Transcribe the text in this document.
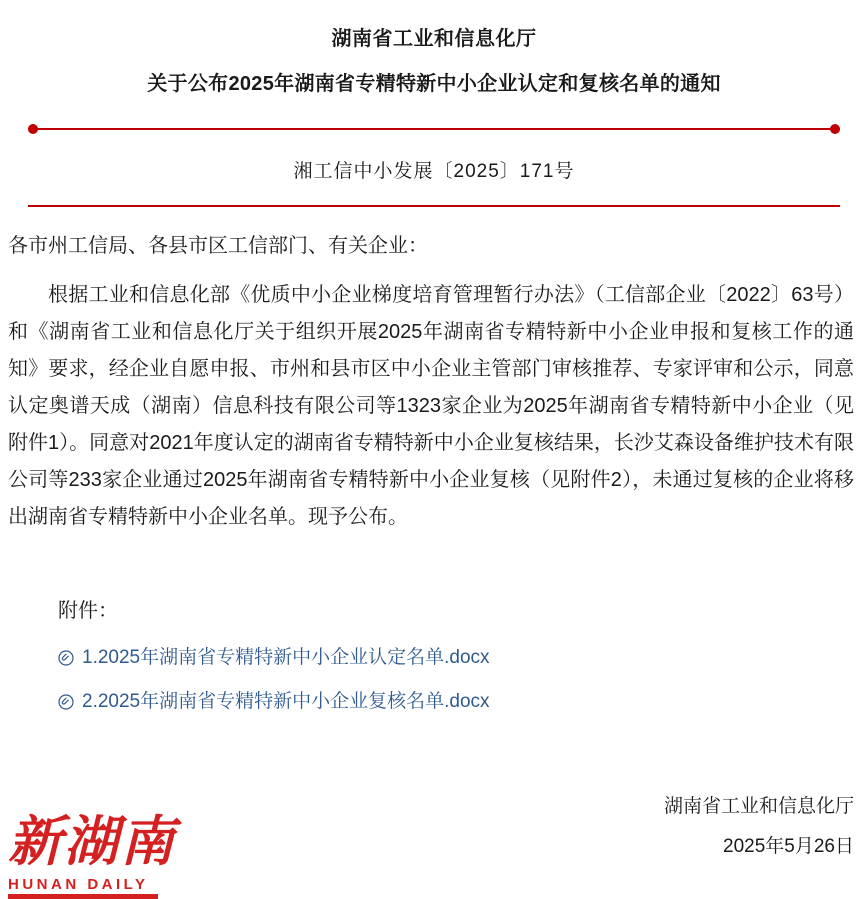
湖南省工业和信息化厅
关于公布2025年湖南省专精特新中小企业认定和复核名单的通知
湘工信中小发展〔2025〕171号

各市州工信局、各县市区工信部门、有关企业：

根据工业和信息化部《优质中小企业梯度培育管理暂行办法》（工信部企业〔2022〕63号）和《湖南省工业和信息化厅关于组织开展2025年湖南省专精特新中小企业申报和复核工作的通知》要求，经企业自愿申报、市州和县市区中小企业主管部门审核推荐、专家评审和公示，同意认定奥谱天成（湖南）信息科技有限公司等1323家企业为2025年湖南省专精特新中小企业（见附件1）。同意对2021年度认定的湖南省专精特新中小企业复核结果，长沙艾森设备维护技术有限公司等233家企业通过2025年湖南省专精特新中小企业复核（见附件2），未通过复核的企业将移出湖南省专精特新中小企业名单。现予公布。

附件：
1.2025年湖南省专精特新中小企业认定名单.docx
2.2025年湖南省专精特新中小企业复核名单.docx
湖南省工业和信息化厅
2025年5月26日
新湖南
HUNAN DAILY
